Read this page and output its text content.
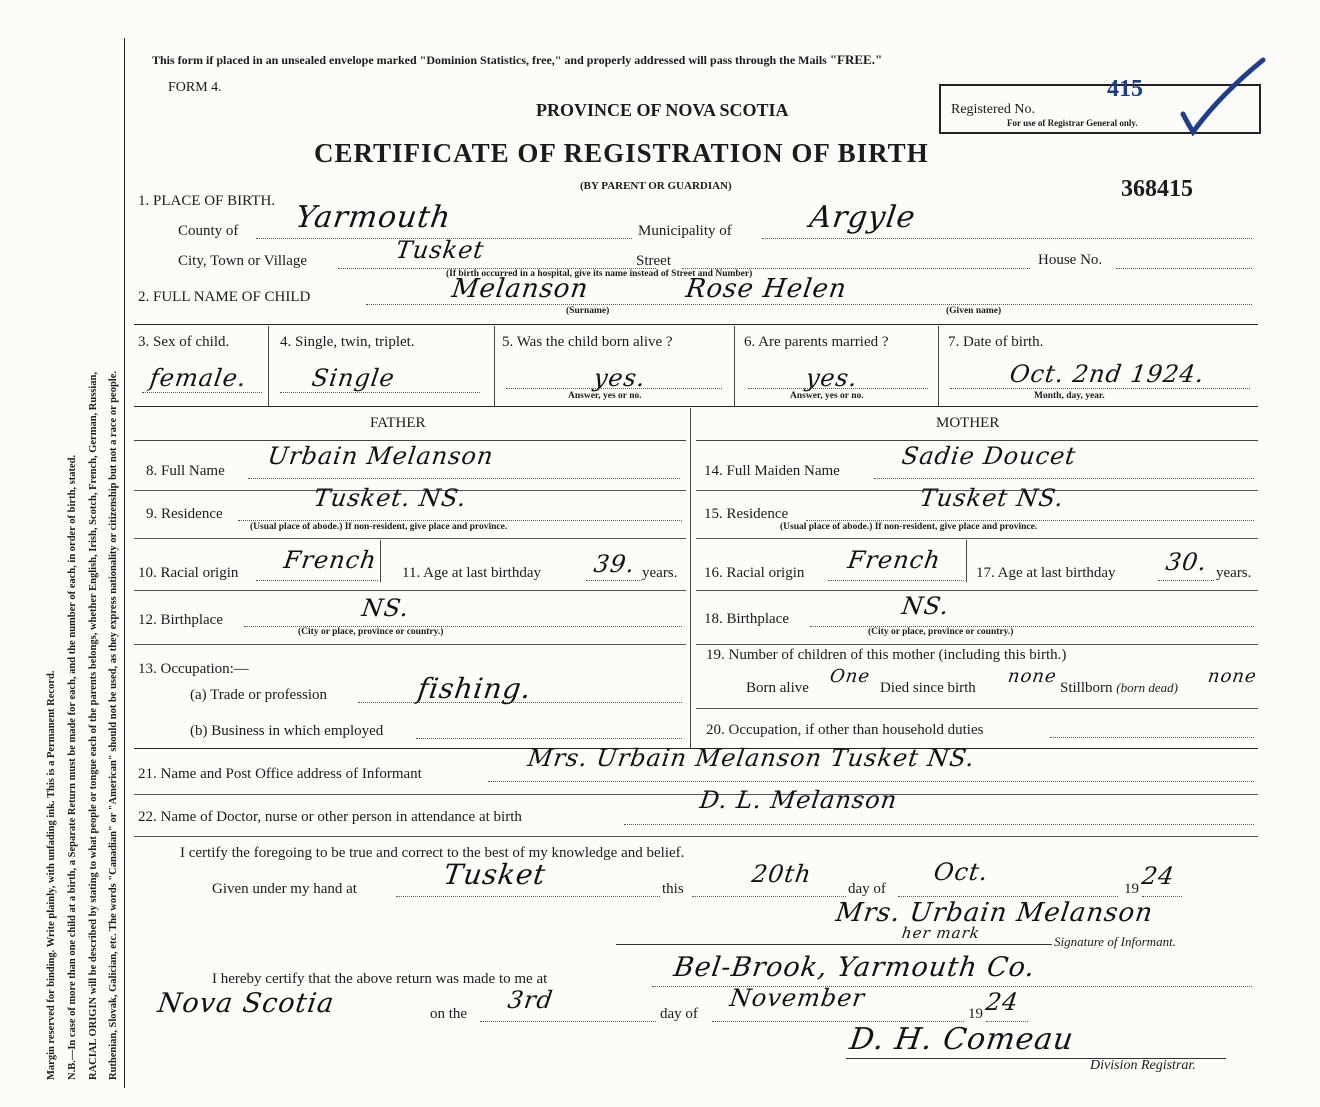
Margin reserved for binding. Write plainly, with unfading ink. This is a Permanent Record. N.B.—In case of more than one child at a birth, a Separate Return must be made for each, and the number of each, in order of birth, stated. RACIAL ORIGIN will be described by stating to what people or tongue each of the parents belongs, whether English, Irish, Scotch, French, German, Russian, Ruthenian, Slovak, Galician, etc. The words "Canadian" or "American" should not be used, as they express nationality or citizenship but not a race or people.
This form if placed in an unsealed envelope marked "Dominion Statistics, free," and properly addressed will pass through the Mails "FREE."
FORM 4.
PROVINCE OF NOVA SCOTIA	Registered No.
415
For use of Registrar General only.
CERTIFICATE OF REGISTRATION OF BIRTH
(BY PARENT OR GUARDIAN)	368415
1. PLACE OF BIRTH.
County of Yarmouth	Municipality of	Argyle
City, Town or Village	Tusket	Street	House No.
(If birth occurred in a hospital, give its name instead of Street and Number)
2. FULL NAME OF CHILD	Melanson	Rose Helen
(Surname)	(Given name)
3. Sex of child.
female.
4. Single, twin, triplet.
Single
5. Was the child born alive ?
yes.
Answer, yes or no.
6. Are parents married ?
yes.
Answer, yes or no.
7. Date of birth.
Oct. 2nd 1924.
Month, day, year.
FATHER	MOTHER
8. Full Name
Urbain Melanson
9. Residence
Tusket. NS.
(Usual place of abode.) If non-resident, give place and province.
10. Racial origin French 11. Age at last birthday 39. years.
12. Birthplace	NS.
(City or place, province or country.)
13. Occupation:—
(a) Trade or profession	fishing.
(b) Business in which employed
14. Full Maiden Name
Sadie Doucet
15. Residence
Tusket NS.
(Usual place of abode.) If non-resident, give place and province.
16. Racial origin French 17. Age at last birthday 30. years.
18. Birthplace	NS.
(City or place, province or country.)
19. Number of children of this mother (including this birth.)
Born alive
One
Died since birth
none
Stillborn (born dead)
none
20. Occupation, if other than household duties
21. Name and Post Office address of Informant
Mrs. Urbain Melanson Tusket NS.
22. Name of Doctor, nurse or other person in attendance at birth
D. L. Melanson
I certify the foregoing to be true and correct to the best of my knowledge and belief.
Given under my hand at	Tusket	this
20th
day of
Oct.
19 24
Mrs. Urbain Melanson
her mark	Signature of Informant.
I hereby certify that the above return was made to me at	Bel-Brook, Yarmouth Co.
Nova Scotia	on the 3rd	day of
November
19 24
D. H. Comeau
Division Registrar.
